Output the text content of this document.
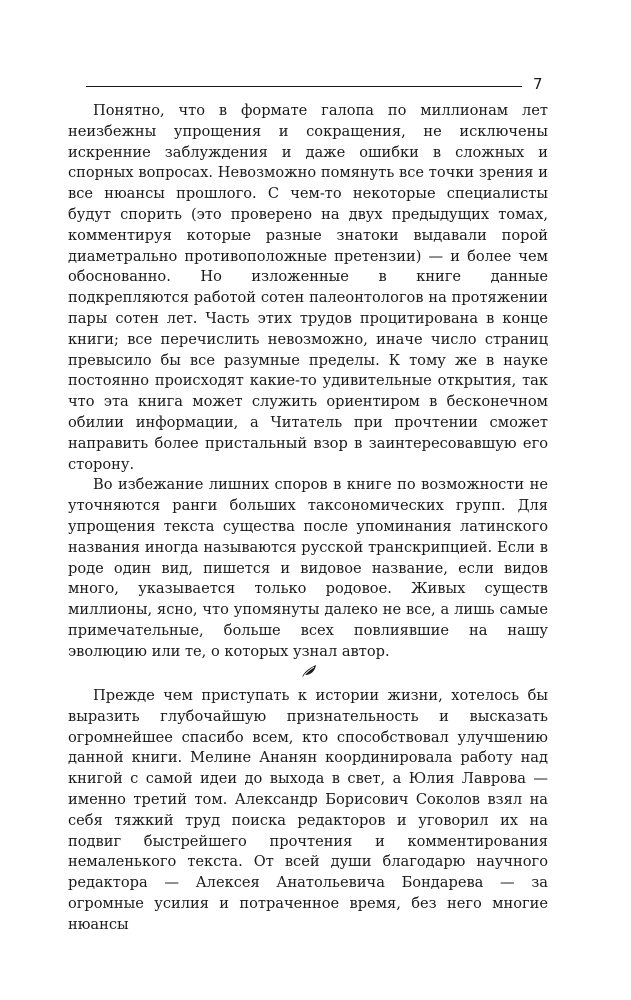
7

Понятно, что в формате галопа по миллионам лет неизбежны упрощения и сокращения, не исключены искренние заблуждения и даже ошибки в сложных и спорных вопросах. Невозможно помянуть все точки зрения и все нюансы прошлого. С чем-то некоторые специалисты будут спорить (это проверено на двух предыдущих томах, комментируя которые разные знатоки выдавали порой диаметрально противоположные претензии) — и более чем обоснованно. Но изложенные в книге данные подкрепляются работой сотен палеонтологов на протяжении пары сотен лет. Часть этих трудов процитирована в конце книги; все перечислить невозможно, иначе число страниц превысило бы все разумные пределы. К тому же в науке постоянно происходят какие-то удивительные открытия, так что эта книга может служить ориентиром в бесконечном обилии информации, а Читатель при прочтении сможет направить более пристальный взор в заинтересовавшую его сторону.

Во избежание лишних споров в книге по возможности не уточняются ранги больших таксономических групп. Для упрощения текста существа после упоминания латинского названия иногда называются русской транскрипцией. Если в роде один вид, пишется и видовое название, если видов много, указывается только родовое. Живых существ миллионы, ясно, что упомянуты далеко не все, а лишь самые примечательные, больше всех повлиявшие на нашу эволюцию или те, о которых узнал автор.

Прежде чем приступать к истории жизни, хотелось бы выразить глубочайшую признательность и высказать огромнейшее спасибо всем, кто способствовал улучшению данной книги. Мелине Ананян координировала работу над книгой с самой идеи до выхода в свет, а Юлия Лаврова — именно третий том. Александр Борисович Соколов взял на себя тяжкий труд поиска редакторов и уговорил их на подвиг быстрейшего прочтения и комментирования немаленького текста. От всей души благодарю научного редактора — Алексея Анатольевича Бондарева — за огромные усилия и потраченное время, без него многие нюансы
